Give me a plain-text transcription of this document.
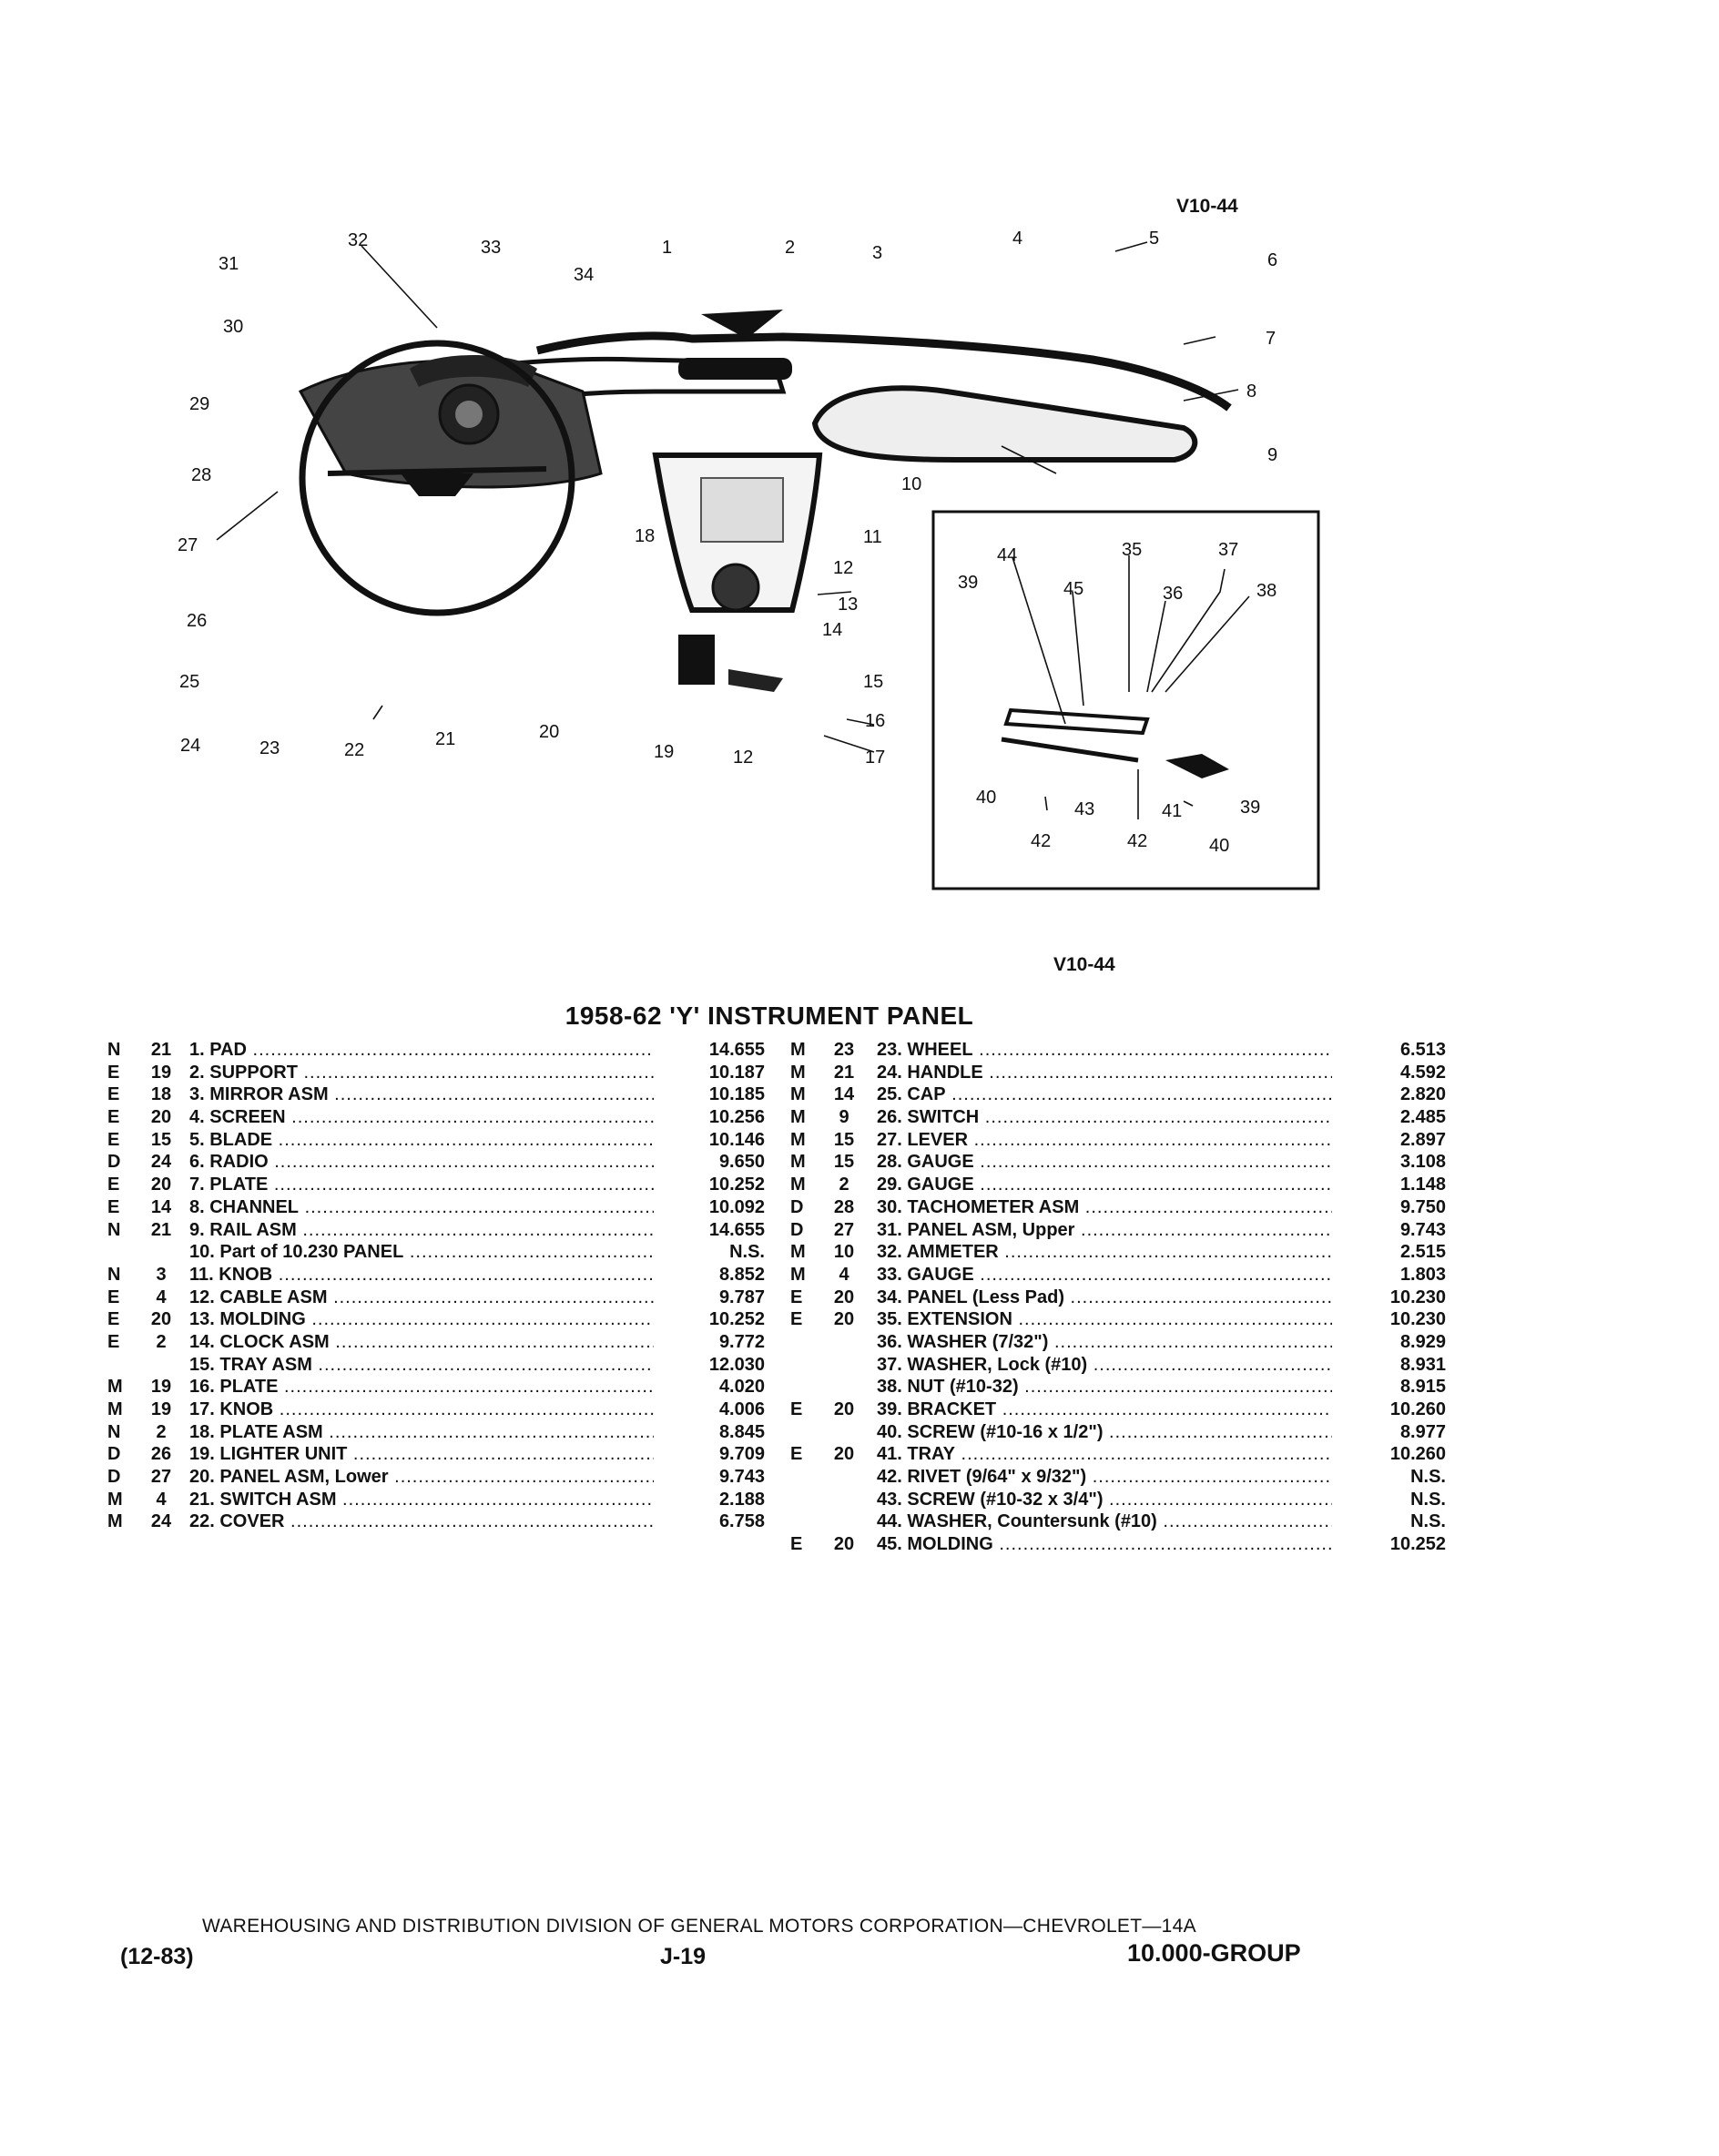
V10-44
31
32	33
34
1	2	3
4	5
6
30
7
29
8
28
9
10
27	18	11
12
13
14
26
25	15
16
17
24	23	22
21	20
19	12
44	35	37
39	45	36	38
40
43	41	39
42	42	40
V10-44
1958-62 'Y' INSTRUMENT PANEL
N	21 1. PAD .....	14.655
E	19 2. SUPPORT .....	10.187
E	18 3. MIRROR ASM .....	10.185
E	20 4. SCREEN .....	10.256
E	15 5. BLADE .....	10.146
D	24 6. RADIO .....	9.650
E	20 7. PLATE .....	10.252
E	14 8. CHANNEL .....	10.092
N	21 9. RAIL ASM .....	14.655
10. Part of 10.230 PANEL .....	N.S.
N	3	11. KNOB .....	8.852
E	4	12. CABLE ASM .....	9.787
E	20 13. MOLDING .....	10.252
E	2	14. CLOCK ASM .....	9.772
15. TRAY ASM .....	12.030
M	19 16. PLATE .....	4.020
M	19 17. KNOB .....	4.006
N	2	18. PLATE ASM .....	8.845
D	26 19. LIGHTER UNIT .....	9.709
D	27 20. PANEL ASM, Lower .....	9.743
M	4	21. SWITCH ASM .....	2.188
M	24 22. COVER .....	6.758
M	23	23. WHEEL .....	6.513
M	21	24. HANDLE .....	4.592
M	14	25. CAP .....	2.820
M	9	26. SWITCH .....	2.485
M	15	27. LEVER .....	2.897
M	15	28. GAUGE .....	3.108
M	2	29. GAUGE .....	1.148
D	28	30. TACHOMETER ASM .....	9.750
D	27	31. PANEL ASM, Upper .....	9.743
M	10	32. AMMETER .....	2.515
M	4	33. GAUGE .....	1.803
E	20	34. PANEL (Less Pad) .....	10.230
E	20	35. EXTENSION .....	10.230
36. WASHER (7/32") .....	8.929
37. WASHER, Lock (#10) .....	8.931
38. NUT (#10-32) .....	8.915
E	20	39. BRACKET .....	10.260
40. SCREW (#10-16 x 1/2") .....	8.977
E	20	41. TRAY .....	10.260
42. RIVET (9/64" x 9/32") .....	N.S.
43. SCREW (#10-32 x 3/4") .....	N.S.
44. WASHER, Countersunk (#10) .....	N.S.
E	20	45. MOLDING .....	10.252
WAREHOUSING AND DISTRIBUTION DIVISION OF GENERAL MOTORS CORPORATION—CHEVROLET—14A
(12-83)	J-19	10.000-GROUP
